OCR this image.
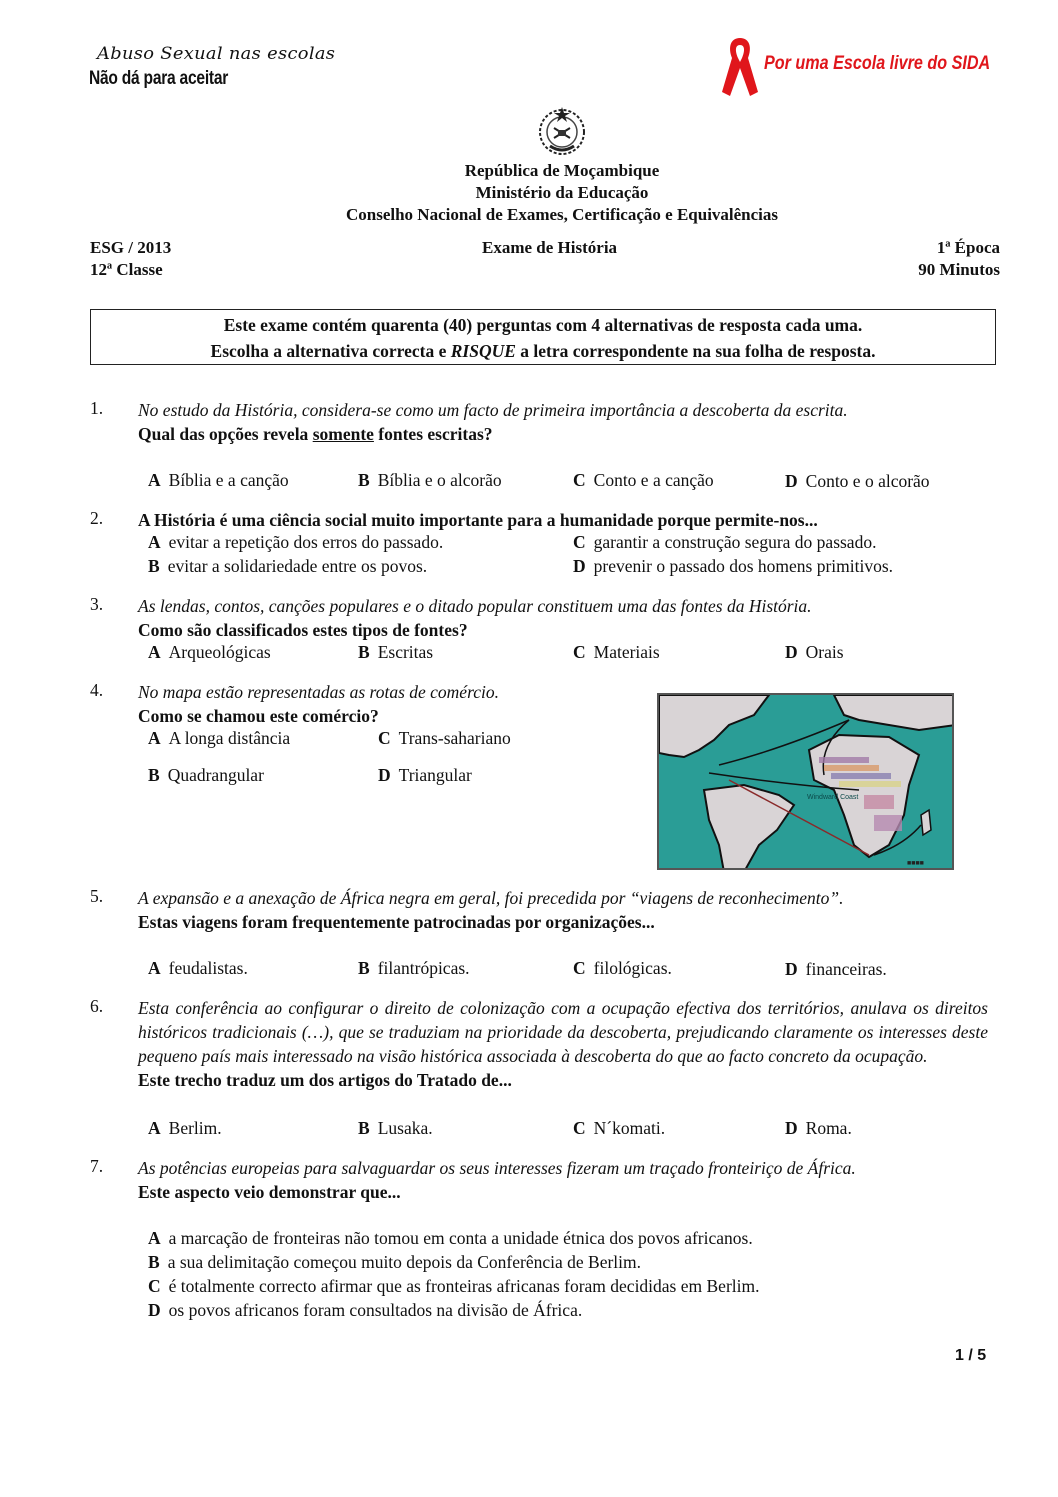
Abuso Sexual nas escolas
Não dá para aceitar
Por uma Escola livre do SIDA
República de Moçambique
Ministério da Educação
Conselho Nacional de Exames, Certificação e Equivalências
ESG / 2013
12ª Classe
Exame de História	1ª Época
90 Minutos
Este exame contém quarenta (40) perguntas com 4 alternativas de resposta cada uma.
Escolha a alternativa correcta e RISQUE a letra correspondente na sua folha de resposta.
1. No estudo da História, considera-se como um facto de primeira importância a descoberta da escrita.
Qual das opções revela somente fontes escritas?
A Bíblia e a canção	B Bíblia e o alcorão	C Conto e a canção	D Conto e o alcorão
2. A História é uma ciência social muito importante para a humanidade porque permite-nos...
A evitar a repetição dos erros do passado.	C garantir a construção segura do passado.
B evitar a solidariedade entre os povos.	D prevenir o passado dos homens primitivos.
3. As lendas, contos, canções populares e o ditado popular constituem uma das fontes da História.
Como são classificados estes tipos de fontes?
A Arqueológicas	B Escritas	C Materiais	D Orais
4. No mapa estão representadas as rotas de comércio.
Como se chamou este comércio?
A A longa distância	C Trans-sahariano
B Quadrangular	D Triangular
Windward Coast
■■■■
5. A expansão e a anexação de África negra em geral, foi precedida por “viagens de reconhecimento”.
Estas viagens foram frequentemente patrocinadas por organizações...
A feudalistas.	B filantrópicas.	C filológicas.	D financeiras.
6. Esta conferência ao configurar o direito de colonização com a ocupação efectiva dos territórios, anulava os direitos históricos tradicionais (…), que se traduziam na prioridade da descoberta, prejudicando claramente os interesses deste pequeno país mais interessado na visão histórica associada à descoberta do que ao facto concreto da ocupação.
Este trecho traduz um dos artigos do Tratado de...
A Berlim.	B Lusaka.	C N´komati.	D Roma.
7. As potências europeias para salvaguardar os seus interesses fizeram um traçado fronteiriço de África.
Este aspecto veio demonstrar que...
A a marcação de fronteiras não tomou em conta a unidade étnica dos povos africanos.
B a sua delimitação começou muito depois da Conferência de Berlim.
C é totalmente correcto afirmar que as fronteiras africanas foram decididas em Berlim.
D os povos africanos foram consultados na divisão de África.
1 / 5
